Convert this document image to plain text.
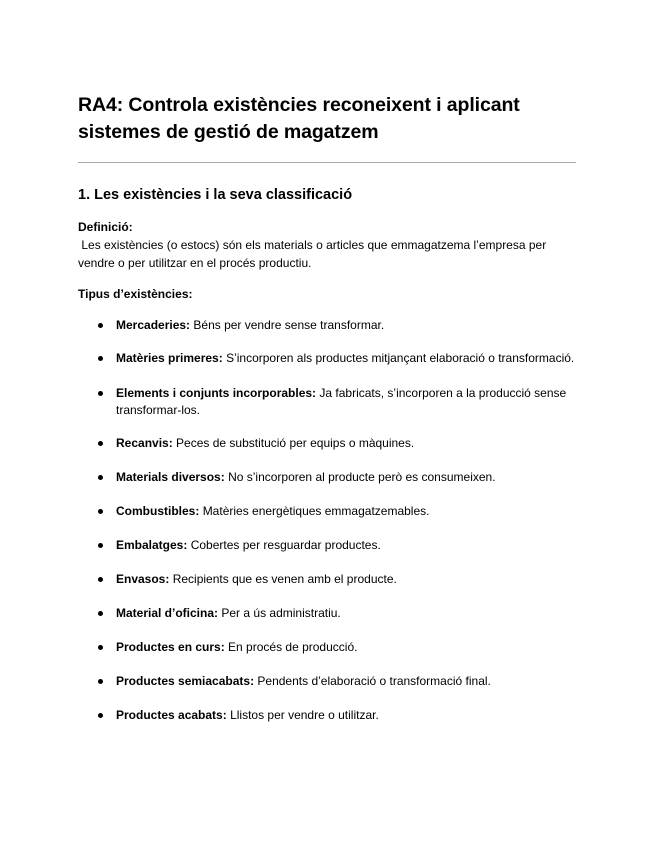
RA4: Controla existències reconeixent i aplicant sistemes de gestió de magatzem
1. Les existències i la seva classificació
Definició:

Les existències (o estocs) són els materials o articles que emmagatzema l’empresa per vendre o per utilitzar en el procés productiu.

Tipus d’existències:
Mercaderies: Béns per vendre sense transformar.
Matèries primeres: S’incorporen als productes mitjançant elaboració o transformació.
Elements i conjunts incorporables: Ja fabricats, s’incorporen a la producció sense transformar-los.
Recanvis: Peces de substitució per equips o màquines.
Materials diversos: No s’incorporen al producte però es consumeixen.
Combustibles: Matèries energètiques emmagatzemables.
Embalatges: Cobertes per resguardar productes.
Envasos: Recipients que es venen amb el producte.
Material d’oficina: Per a ús administratiu.
Productes en curs: En procés de producció.
Productes semiacabats: Pendents d’elaboració o transformació final.
Productes acabats: Llistos per vendre o utilitzar.
